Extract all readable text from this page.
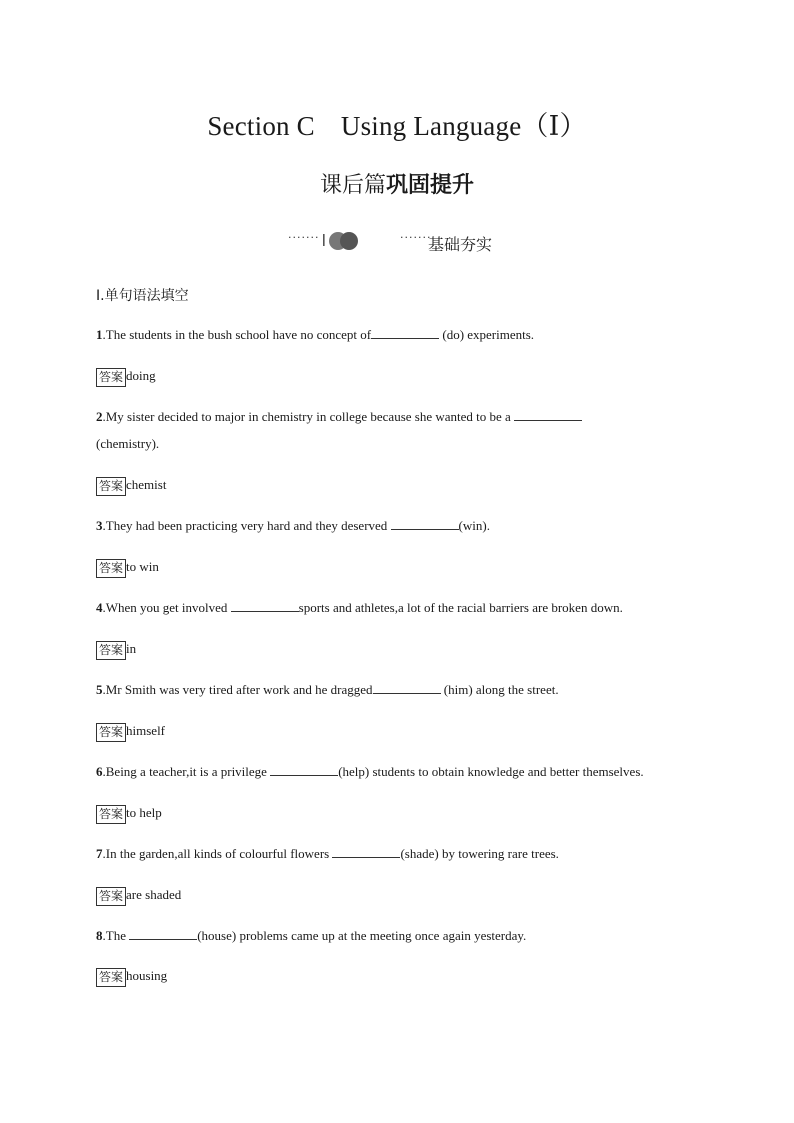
Section C Using Language（Ⅰ）
课后篇巩固提升
·······	·······
基础夯实
Ⅰ.单句语法填空
1.The students in the bush school have no concept of	(do) experiments.
答案 doing
2.My sister decided to major in chemistry in college because she wanted to be a
(chemistry).
答案 chemist
3.They had been practicing very hard and they deserved	(win).
答案 to win
4.When you get involved	sports and athletes,a lot of the racial barriers are broken down.
答案 in
5.Mr Smith was very tired after work and he dragged	(him) along the street.
答案 himself
6.Being a teacher,it is a privilege	(help) students to obtain knowledge and better themselves.
答案 to help
7.In the garden,all kinds of colourful flowers	(shade) by towering rare trees.
答案 are shaded
8.The	(house) problems came up at the meeting once again yesterday.
答案 housing
